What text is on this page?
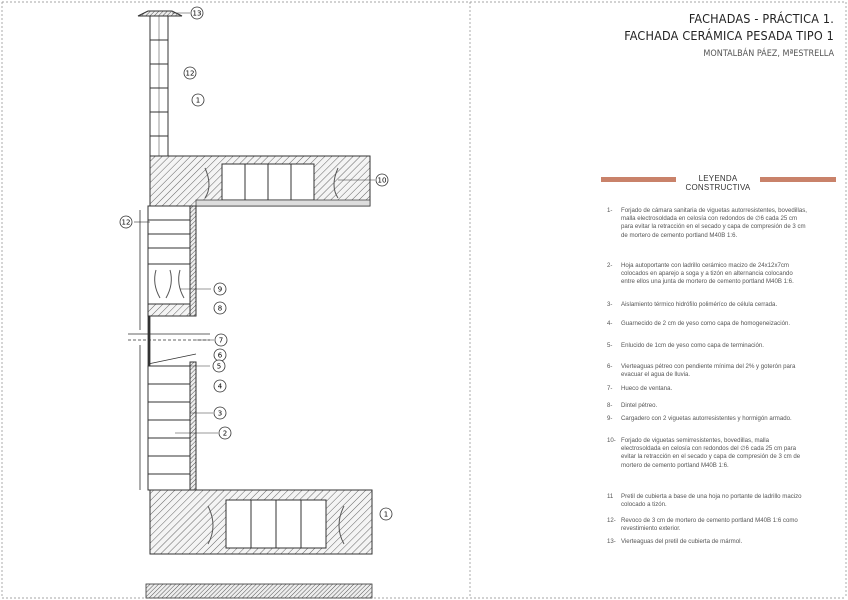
13
12
1
10
12
9
8
7
6
5
4
3
2
1
FACHADAS - PRÁCTICA 1.
FACHADA CERÁMICA PESADA TIPO 1
MONTALBÁN PÁEZ, MªESTRELLA
LEYENDA CONSTRUCTIVA
1- Forjado de cámara sanitaria de viguetas autorresistentes, bovedillas, malla electrosoldada en celosía con redondos de ∅6 cada 25 cm para evitar la retracción en el secado y capa de compresión de 3 cm de mortero de cemento portland M40B 1:6.
2- Hoja autoportante con ladrillo cerámico macizo de 24x12x7cm colocados en aparejo a soga y a tizón en alternancia colocando entre ellos una junta de mortero de cemento portland M40B 1:6.
3- Aislamiento térmico hidrófilo poliméríco de célula cerrada.
4- Guarnecido de 2 cm de yeso como capa de homogeneización.
5- Enlucido de 1cm de yeso como capa de terminación.
6- Vierteaguas pétreo con pendiente mínima del 2% y goterón para evacuar el agua de lluvia.
7- Hueco de ventana.
8- Dintel pétreo.
9- Cargadero con 2 viguetas autorresistentes y hormigón armado.
10- Forjado de viguetas semirresistentes, bovedillas, malla electrosoldada en celosía con redondos del ∅6 cada 25 cm para evitar la retracción en el secado y capa de compresión de 3 cm de mortero de cemento portland M40B 1:6.
11 Pretil de cubierta a base de una hoja no portante de ladrillo macizo colocado a tizón.
12- Revoco de 3 cm de mortero de cemento portland M40B 1:6 como revestimiento exterior.
13- Vierteaguas del pretil de cubierta de mármol.
